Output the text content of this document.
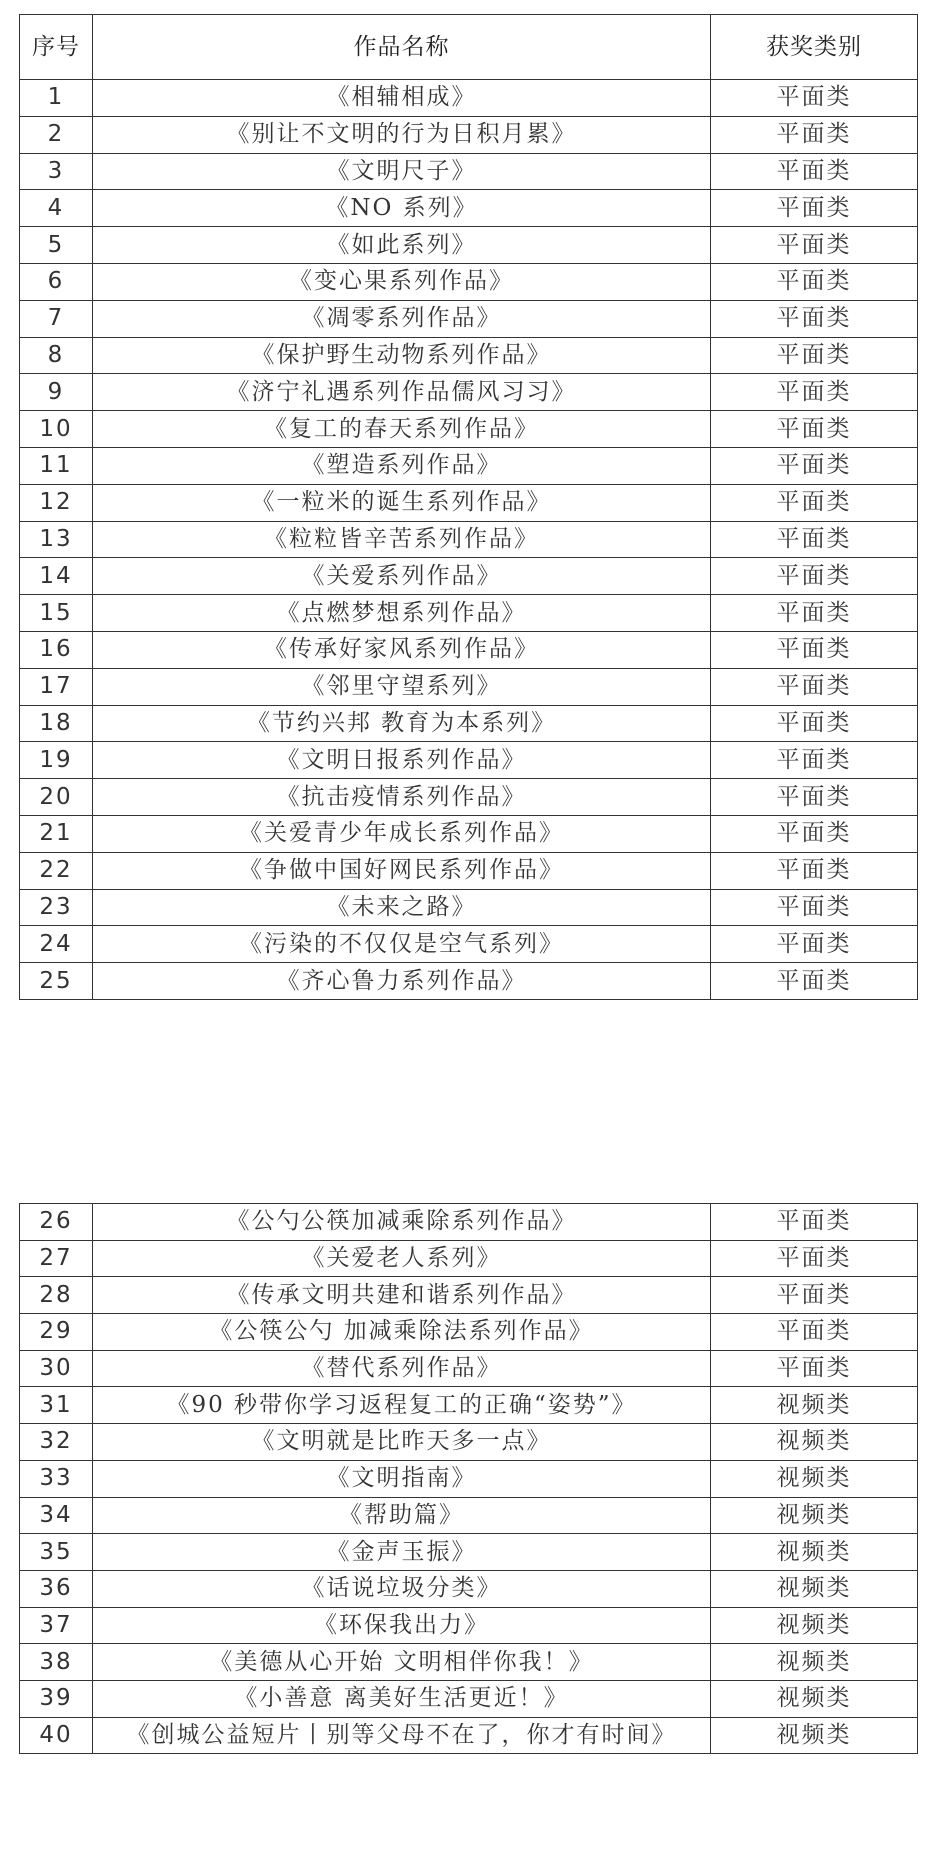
序号	作品名称	获奖类别
1	《相辅相成》	平面类
2	《别让不文明的行为日积月累》	平面类
3	《文明尺子》	平面类
4	《NO 系列》	平面类
5	《如此系列》	平面类
6	《变心果系列作品》	平面类
7	《凋零系列作品》	平面类
8	《保护野生动物系列作品》	平面类
9	《济宁礼遇系列作品儒风习习》	平面类
10	《复工的春天系列作品》	平面类
11	《塑造系列作品》	平面类
12	《一粒米的诞生系列作品》	平面类
13	《粒粒皆辛苦系列作品》	平面类
14	《关爱系列作品》	平面类
15	《点燃梦想系列作品》	平面类
16	《传承好家风系列作品》	平面类
17	《邻里守望系列》	平面类
18	《节约兴邦 教育为本系列》	平面类
19	《文明日报系列作品》	平面类
20	《抗击疫情系列作品》	平面类
21	《关爱青少年成长系列作品》	平面类
22	《争做中国好网民系列作品》	平面类
23	《未来之路》	平面类
24	《污染的不仅仅是空气系列》	平面类
25	《齐心鲁力系列作品》	平面类
26	《公勺公筷加减乘除系列作品》	平面类
27	《关爱老人系列》	平面类
28	《传承文明共建和谐系列作品》	平面类
29	《公筷公勺 加减乘除法系列作品》	平面类
30	《替代系列作品》	平面类
31	《90 秒带你学习返程复工的正确“姿势”》	视频类
32	《文明就是比昨天多一点》	视频类
33	《文明指南》	视频类
34	《帮助篇》	视频类
35	《金声玉振》	视频类
36	《话说垃圾分类》	视频类
37	《环保我出力》	视频类
38	《美德从心开始 文明相伴你我！》	视频类
39	《小善意 离美好生活更近！》	视频类
40	《创城公益短片丨别等父母不在了，你才有时间》	视频类
